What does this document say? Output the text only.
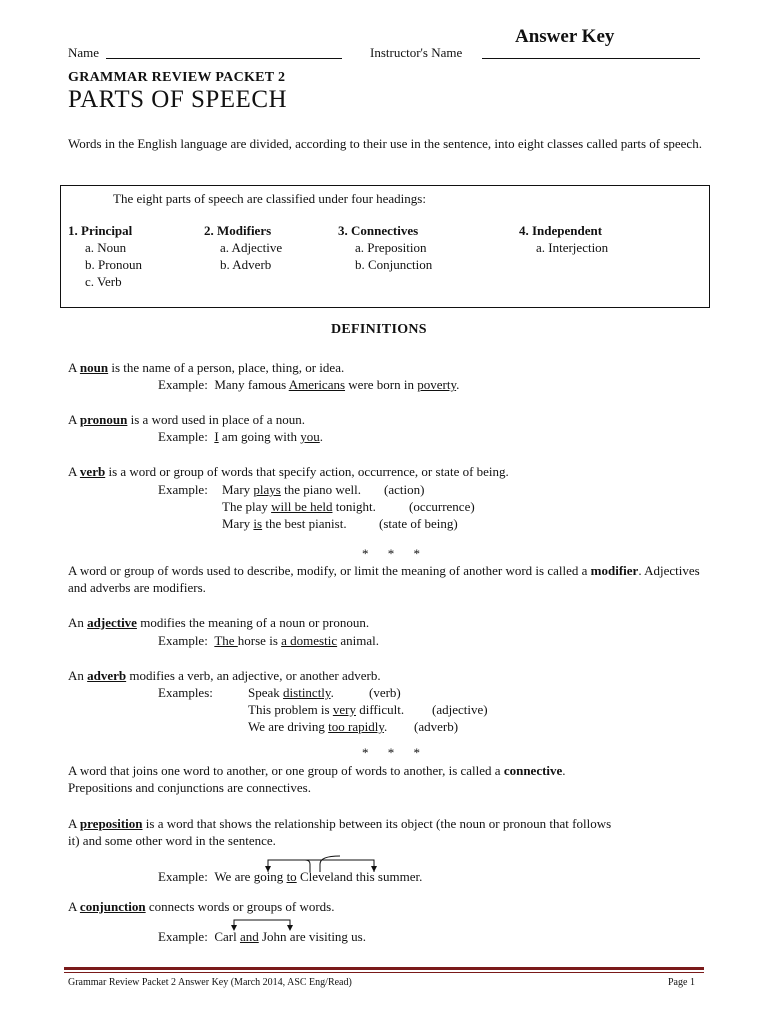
Answer Key
Name	Instructor's Name
GRAMMAR REVIEW PACKET 2
PARTS OF SPEECH
Words in the English language are divided, according to their use in the sentence, into eight classes called parts of speech.
The eight parts of speech are classified under four headings:
1. Principal
a. Noun
b. Pronoun
c. Verb
2. Modifiers
a. Adjective
b. Adverb
3. Connectives
a. Preposition
b. Conjunction
4. Independent
a. Interjection
DEFINITIONS
A noun is the name of a person, place, thing, or idea.
Example: Many famous Americans were born in poverty.
A pronoun is a word used in place of a noun.
Example: I am going with you.
A verb is a word or group of words that specify action, occurrence, or state of being.
Example: Mary plays the piano well. (action)
The play will be held tonight.	(occurrence)
Mary is the best pianist. (state of being)
* * *
A word or group of words used to describe, modify, or limit the meaning of another word is called a modifier. Adjectives and adverbs are modifiers.
An adjective modifies the meaning of a noun or pronoun.
Example: The horse is a domestic animal.
An adverb modifies a verb, an adjective, or another adverb.
Examples:	Speak distinctly.	(verb)
This problem is very difficult. (adjective)
We are driving too rapidly. (adverb)
* * *
A word that joins one word to another, or one group of words to another, is called a connective.
Prepositions and conjunctions are connectives.
A preposition is a word that shows the relationship between its object (the noun or pronoun that follows
it) and some other word in the sentence.
Example: We are going to Cleveland this summer.
A conjunction connects words or groups of words.
Example: Carl and John are visiting us.
Grammar Review Packet 2 Answer Key (March 2014, ASC Eng/Read)	Page 1
